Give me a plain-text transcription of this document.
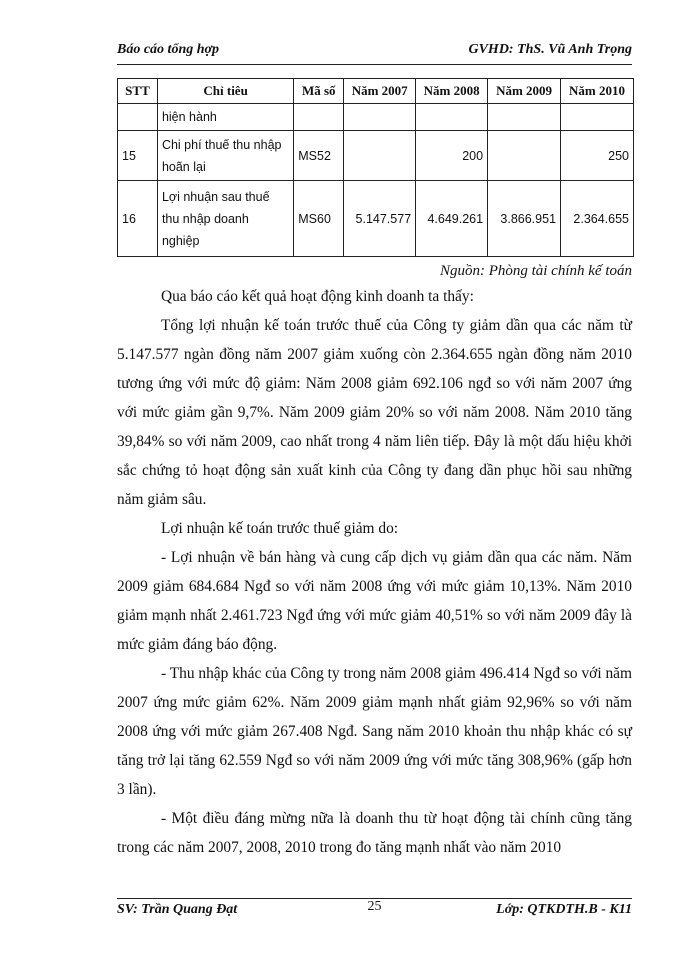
Báo cáo tổng hợp	GVHD: ThS. Vũ Anh Trọng
STT	Chỉ tiêu	Mã số	Năm 2007	Năm 2008	Năm 2009	Năm 2010
	hiện hành					
15	Chi phí thuế thu nhập hoãn lại	MS52		200		250
16	Lợi nhuận sau thuế thu nhập doanh nghiệp	MS60	5.147.577	4.649.261	3.866.951	2.364.655
Nguồn: Phòng tài chính kế toán

Qua báo cáo kết quả hoạt động kinh doanh ta thấy:

Tổng lợi nhuận kế toán trước thuế của Công ty giảm dần qua các năm từ 5.147.577 ngàn đồng năm 2007 giảm xuống còn 2.364.655 ngàn đồng năm 2010 tương ứng với mức độ giảm: Năm 2008 giảm 692.106 ngđ so với năm 2007 ứng với mức giảm gần 9,7%. Năm 2009 giảm 20% so với năm 2008. Năm 2010 tăng 39,84% so với năm 2009, cao nhất trong 4 năm liên tiếp. Đây là một dấu hiệu khởi sắc chứng tỏ hoạt động sản xuất kinh của Công ty đang dần phục hồi sau những năm giảm sâu.

Lợi nhuận kế toán trước thuế giảm do:

- Lợi nhuận về bán hàng và cung cấp dịch vụ giảm dần qua các năm. Năm 2009 giảm 684.684 Ngđ so với năm 2008 ứng với mức giảm 10,13%. Năm 2010 giảm mạnh nhất 2.461.723 Ngđ ứng với mức giảm 40,51% so với năm 2009 đây là mức giảm đáng báo động.

- Thu nhập khác của Công ty trong năm 2008 giảm 496.414 Ngđ so với năm 2007 ứng mức giảm 62%. Năm 2009 giảm mạnh nhất giảm 92,96% so với năm 2008 ứng với mức giảm 267.408 Ngđ. Sang năm 2010 khoản thu nhập khác có sự tăng trở lại tăng 62.559 Ngđ so với năm 2009 ứng với mức tăng 308,96% (gấp hơn 3 lần).

- Một điều đáng mừng nữa là doanh thu từ hoạt động tài chính cũng tăng trong các năm 2007, 2008, 2010 trong đo tăng mạnh nhất vào năm 2010

SV: Trần Quang Đạt	25	Lớp: QTKDTH.B - K11
